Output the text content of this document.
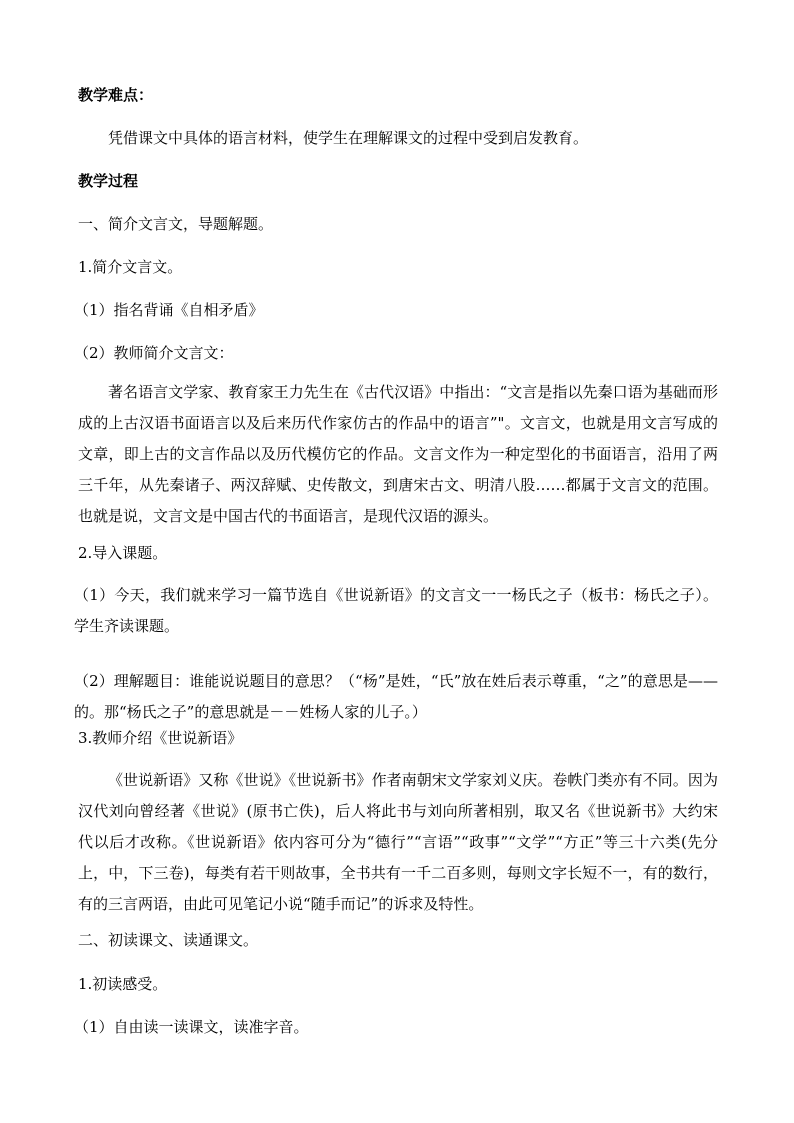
教学难点：
凭借课文中具体的语言材料，使学生在理解课文的过程中受到启发教育。
教学过程
一、简介文言文，导题解题。
1.简介文言文。
（1）指名背诵《自相矛盾》
（2）教师简介文言文：
著名语言文学家、教育家王力先生在《古代汉语》中指出：“文言是指以先秦口语为基础而形成的上古汉语书面语言以及后来历代作家仿古的作品中的语言”"。文言文，也就是用文言写成的文章，即上古的文言作品以及历代模仿它的作品。文言文作为一种定型化的书面语言，沿用了两三千年，从先秦诸子、两汉辞赋、史传散文，到唐宋古文、明清八股……都属于文言文的范围。也就是说，文言文是中国古代的书面语言，是现代汉语的源头。
2.导入课题。
（1）今天，我们就来学习一篇节选自《世说新语》的文言文一一杨氏之子（板书：杨氏之子）。学生齐读课题。
（2）理解题目：谁能说说题目的意思？（“杨”是姓，“氏”放在姓后表示尊重，“之”的意思是——的。那“杨氏之子”的意思就是－－姓杨人家的儿子。）
3.教师介绍《世说新语》
《世说新语》又称《世说》《世说新书》作者南朝宋文学家刘义庆。卷帙门类亦有不同。因为汉代刘向曾经著《世说》(原书亡佚)，后人将此书与刘向所著相别，取又名《世说新书》大约宋代以后才改称。《世说新语》依内容可分为“德行”“言语”“政事”“文学”“方正”等三十六类(先分上，中，下三卷)，每类有若干则故事，全书共有一千二百多则，每则文字长短不一，有的数行，有的三言两语，由此可见笔记小说“随手而记”的诉求及特性。
二、初读课文、读通课文。
1.初读感受。
（1）自由读一读课文，读准字音。
